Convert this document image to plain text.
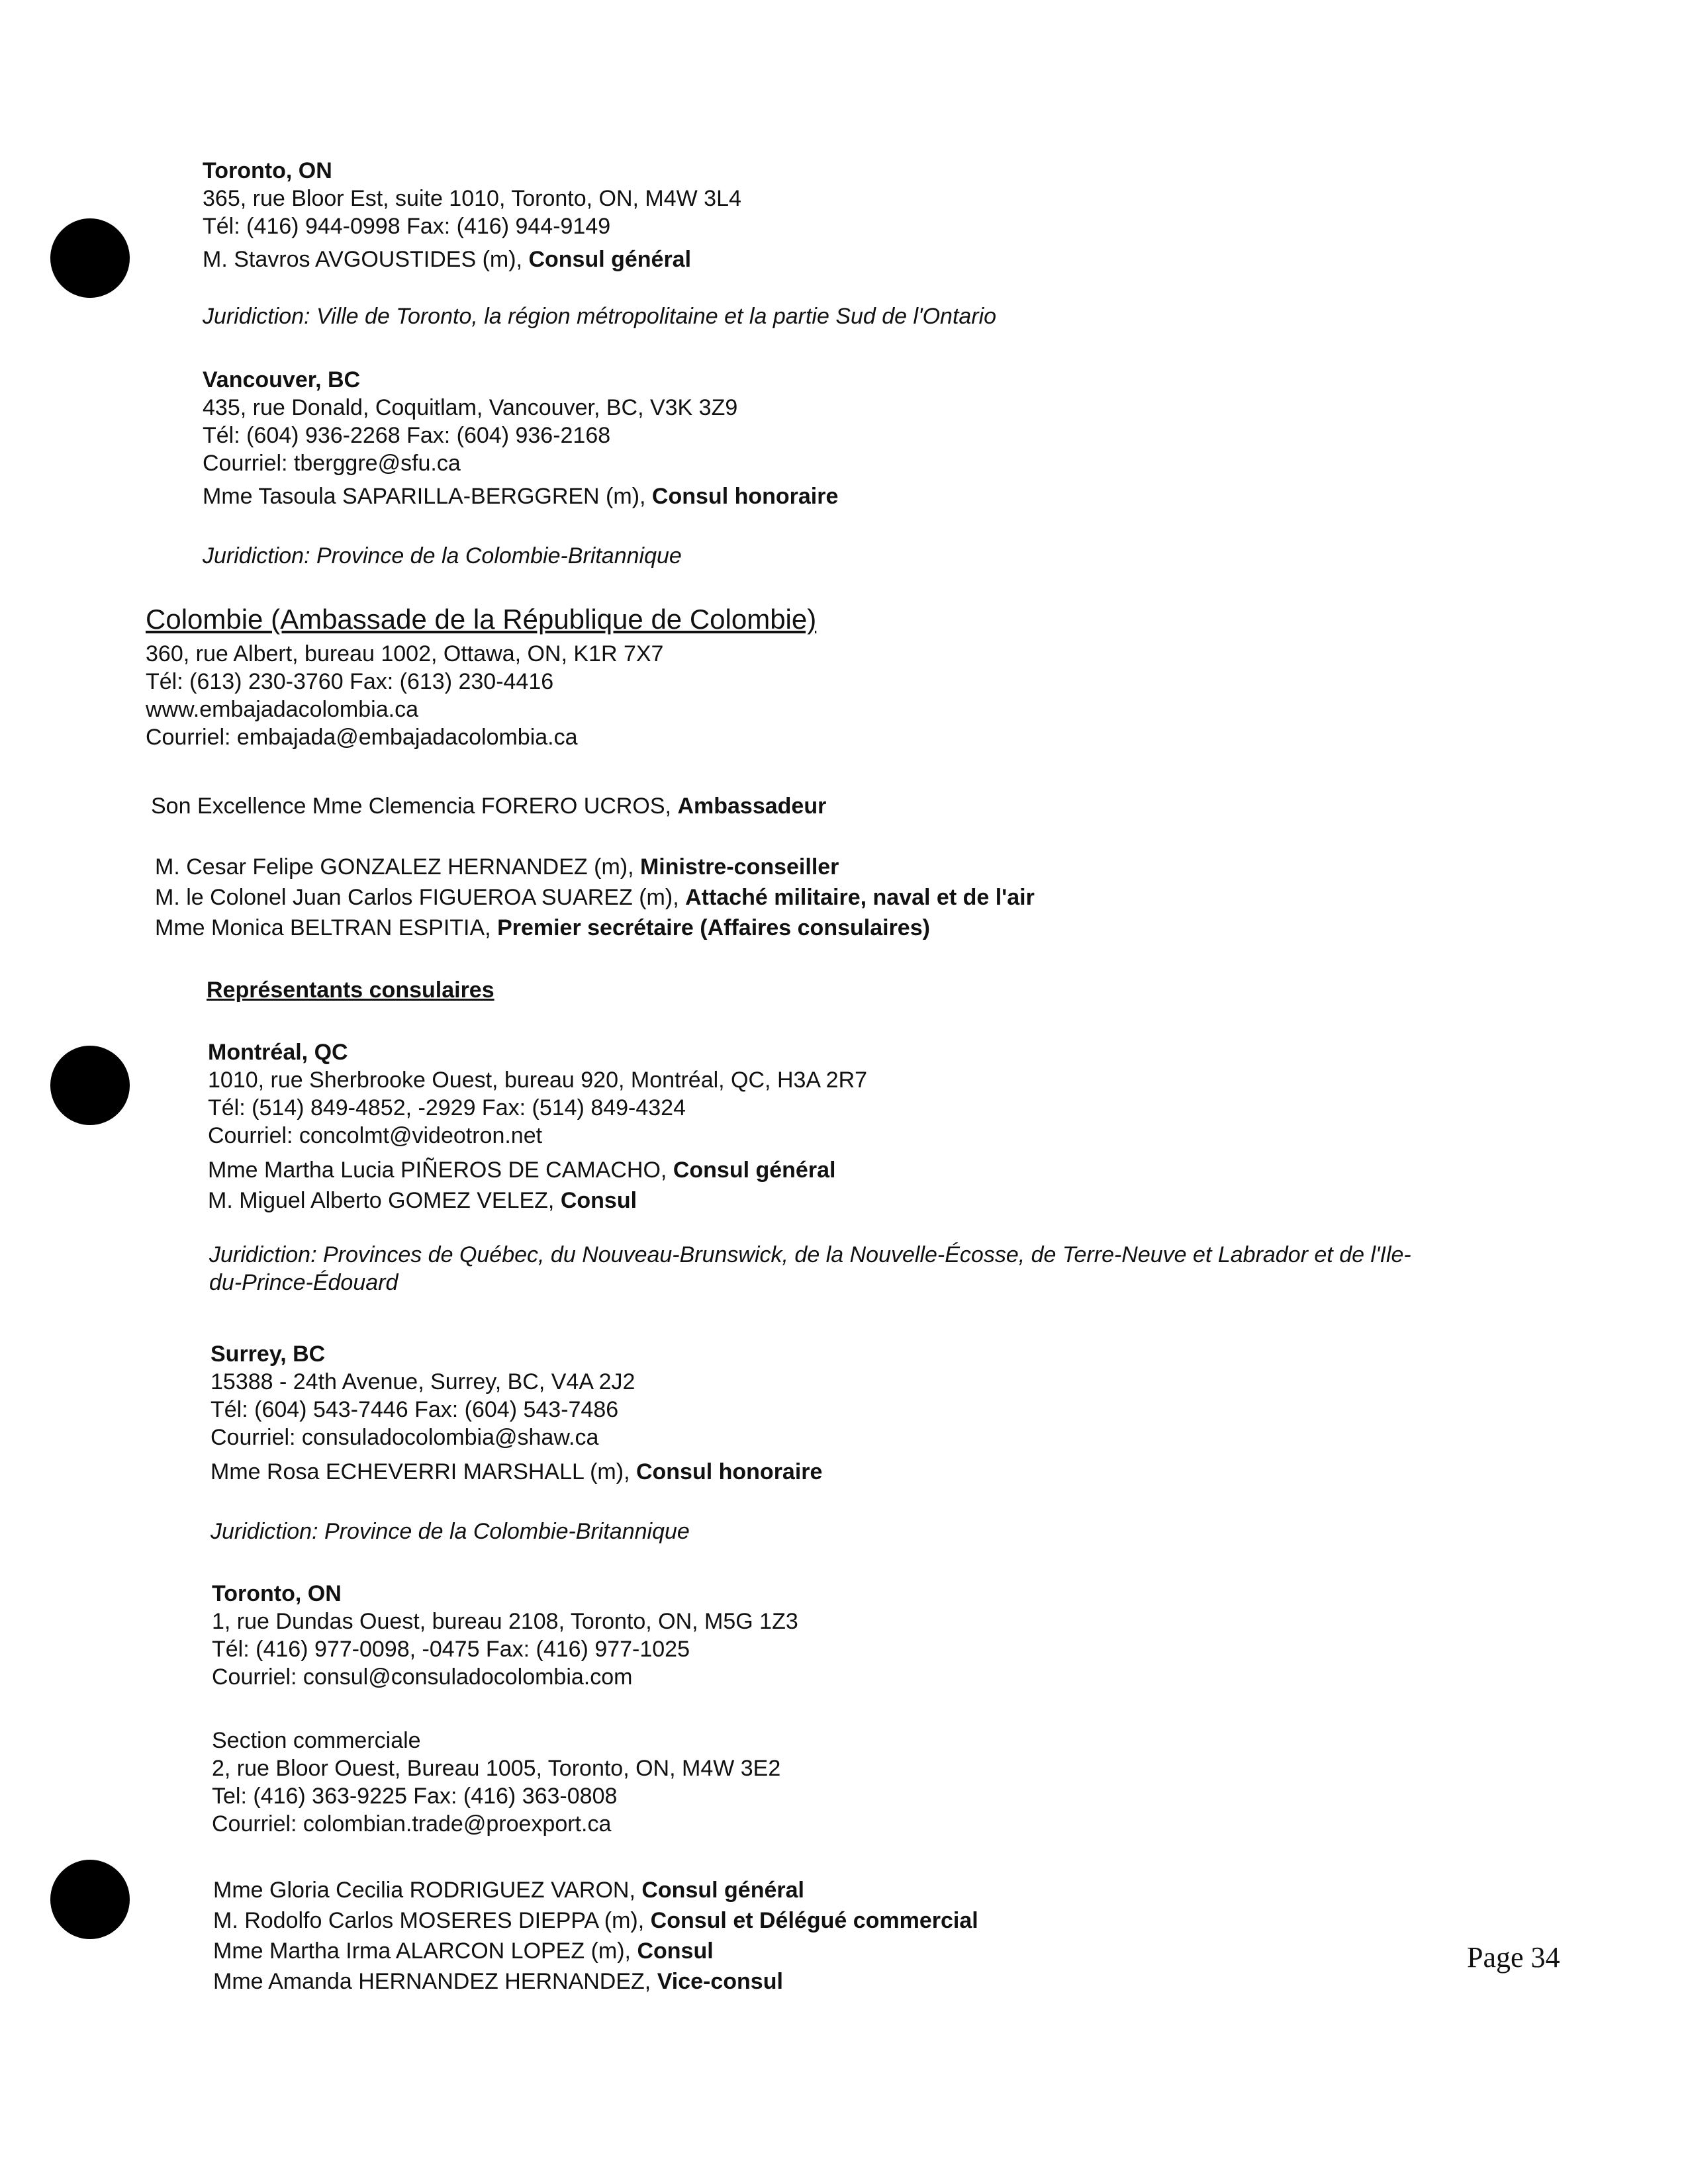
Toronto, ON
365, rue Bloor Est, suite 1010, Toronto, ON, M4W 3L4
Tél: (416) 944-0998 Fax: (416) 944-9149
M. Stavros AVGOUSTIDES (m), Consul général
Juridiction: Ville de Toronto, la région métropolitaine et la partie Sud de l'Ontario
Vancouver, BC
435, rue Donald, Coquitlam, Vancouver, BC, V3K 3Z9
Tél: (604) 936-2268 Fax: (604) 936-2168
Courriel: tberggre@sfu.ca
Mme Tasoula SAPARILLA-BERGGREN (m), Consul honoraire
Juridiction: Province de la Colombie-Britannique
Colombie (Ambassade de la République de Colombie)
360, rue Albert, bureau 1002, Ottawa, ON, K1R 7X7
Tél: (613) 230-3760 Fax: (613) 230-4416
www.embajadacolombia.ca
Courriel: embajada@embajadacolombia.ca
Son Excellence Mme Clemencia FORERO UCROS, Ambassadeur
M. Cesar Felipe GONZALEZ HERNANDEZ (m), Ministre-conseiller
M. le Colonel Juan Carlos FIGUEROA SUAREZ (m), Attaché militaire, naval et de l'air
Mme Monica BELTRAN ESPITIA, Premier secrétaire (Affaires consulaires)
Représentants consulaires
Montréal, QC
1010, rue Sherbrooke Ouest, bureau 920, Montréal, QC, H3A 2R7
Tél: (514) 849-4852, -2929 Fax: (514) 849-4324
Courriel: concolmt@videotron.net
Mme Martha Lucia PIÑEROS DE CAMACHO, Consul général
M. Miguel Alberto GOMEZ VELEZ, Consul
Juridiction: Provinces de Québec, du Nouveau-Brunswick, de la Nouvelle-Écosse, de Terre-Neuve et Labrador et de l'Ile-
du-Prince-Édouard
Surrey, BC
15388 - 24th Avenue, Surrey, BC, V4A 2J2
Tél: (604) 543-7446 Fax: (604) 543-7486
Courriel: consuladocolombia@shaw.ca
Mme Rosa ECHEVERRI MARSHALL (m), Consul honoraire
Juridiction: Province de la Colombie-Britannique
Toronto, ON
1, rue Dundas Ouest, bureau 2108, Toronto, ON, M5G 1Z3
Tél: (416) 977-0098, -0475 Fax: (416) 977-1025
Courriel: consul@consuladocolombia.com
Section commerciale
2, rue Bloor Ouest, Bureau 1005, Toronto, ON, M4W 3E2
Tel: (416) 363-9225 Fax: (416) 363-0808
Courriel: colombian.trade@proexport.ca
Mme Gloria Cecilia RODRIGUEZ VARON, Consul général
M. Rodolfo Carlos MOSERES DIEPPA (m), Consul et Délégué commercial
Mme Martha Irma ALARCON LOPEZ (m), Consul
Mme Amanda HERNANDEZ HERNANDEZ, Vice-consul
Page 34
